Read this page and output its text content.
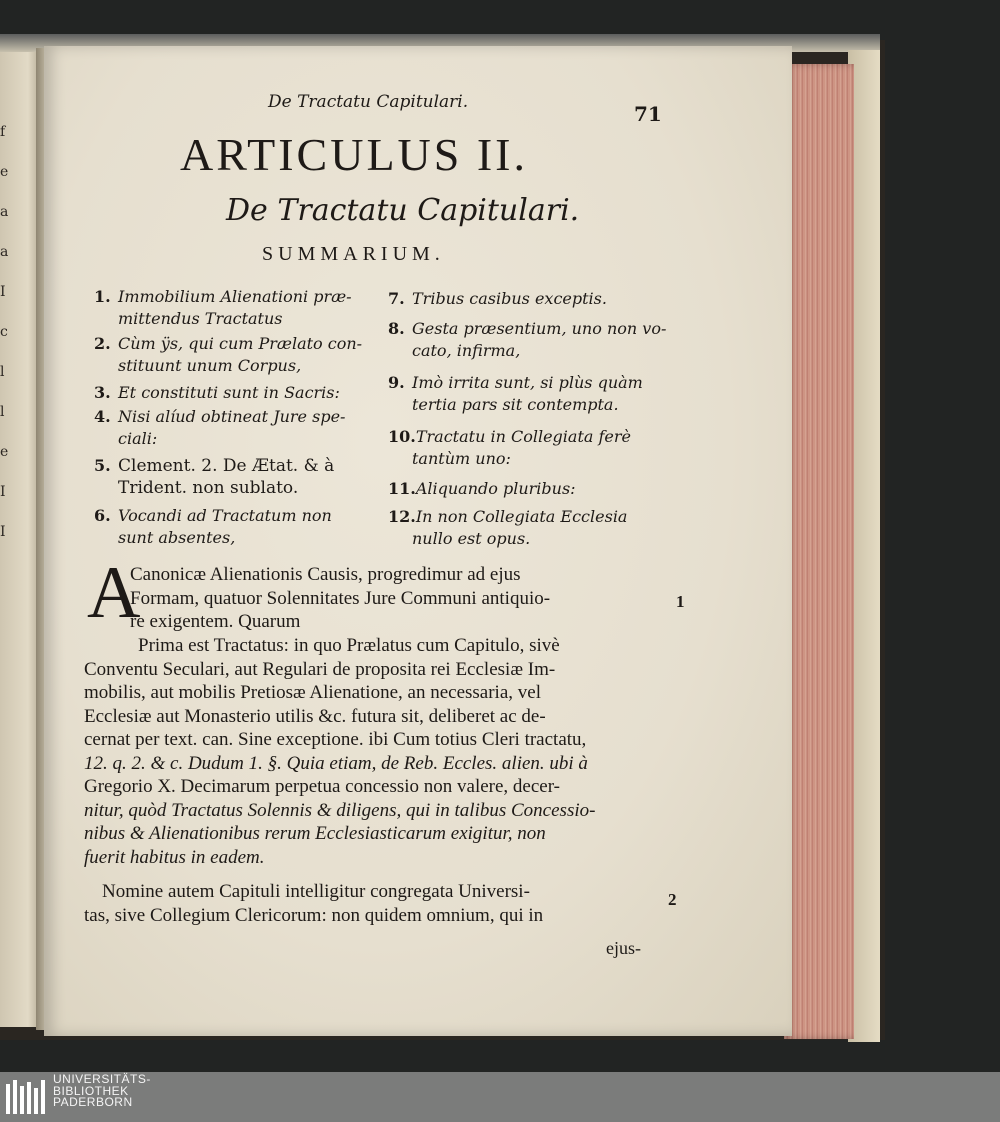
f
e
a
a
I
c
l
l
e
I
I
De Tractatu Capitulari.	71
ARTICULUS II.
De Tractatu Capitulari.
SUMMARIUM.
1. Immobilium Alienationi præ-
mittendus Tractatus
2. Cùm ÿs, qui cum Prælato con-
stituunt unum Corpus,
3. Et constituti sunt in Sacris:
4. Nisi alíud obtineat Jure spe-
ciali:
5. Clement. 2. De Ætat. & à
Trident. non sublato.
6. Vocandi ad Tractatum non
sunt absentes,
7. Tribus casibus exceptis.
8. Gesta præsentium, uno non vo-
cato, infirma,
9. Imò irrita sunt, si plùs quàm
tertia pars sit contempta.
10.Tractatu in Collegiata ferè
tantùm uno:
11.Aliquando pluribus:
12.In non Collegiata Ecclesia
nullo est opus.
A
Canonicæ Alienationis Causis, progredimur ad ejus
Formam, quatuor Solennitates Jure Communi antiquio-
re exigentem. Quarum
1
Prima est Tractatus: in quo Prælatus cum Capitulo, sivè
Conventu Seculari, aut Regulari de proposita rei Ecclesiæ Im-
mobilis, aut mobilis Pretiosæ Alienatione, an necessaria, vel
Ecclesiæ aut Monasterio utilis &c. futura sit, deliberet ac de-
cernat per text. can. Sine exceptione. ibi Cum totius Cleri tractatu,
12. q. 2. & c. Dudum 1. §. Quia etiam, de Reb. Eccles. alien. ubi à
Gregorio X. Decimarum perpetua concessio non valere, decer-
nitur, quòd Tractatus Solennis & diligens, qui in talibus Concessio-
nibus & Alienationibus rerum Ecclesiasticarum exigitur, non
fuerit habitus in eadem.
Nomine autem Capituli intelligitur congregata Universi-
tas, sive Collegium Clericorum: non quidem omnium, qui in
2
ejus-
UNIVERSITÄTS-
BIBLIOTHEK
PADERBORN
